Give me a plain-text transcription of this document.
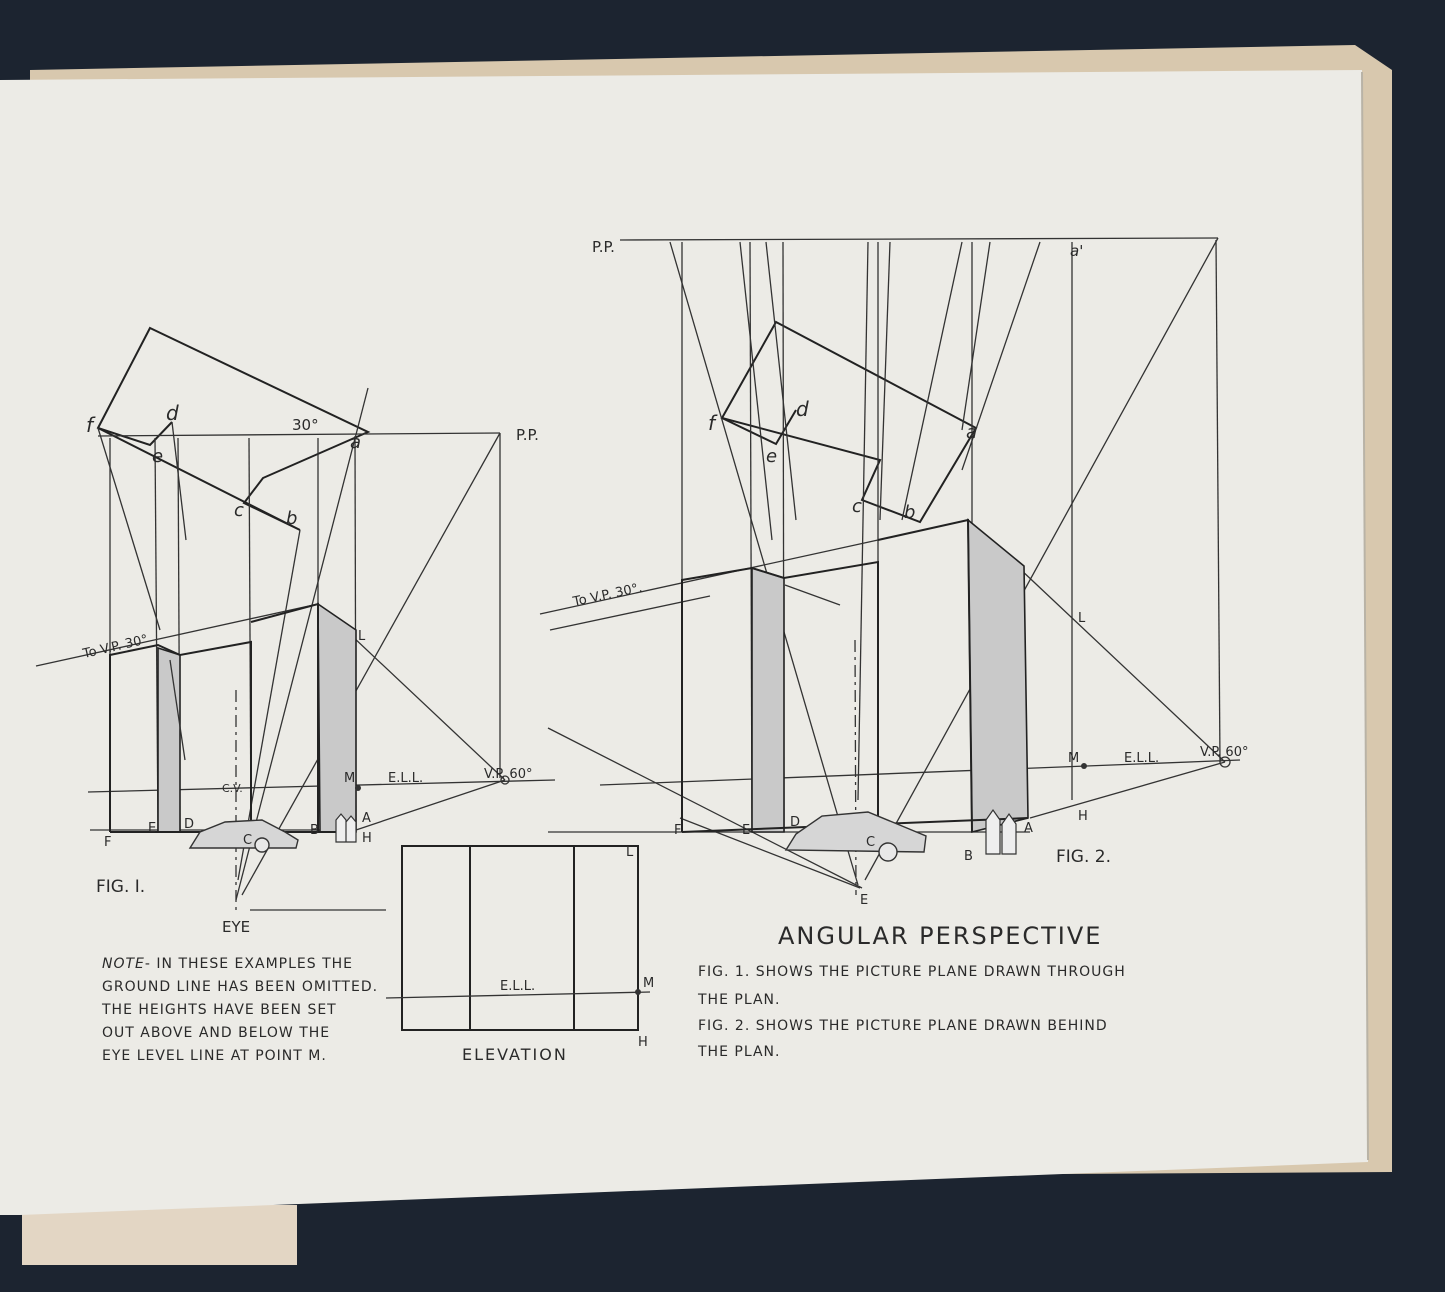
f	d
e
c b
a
30°
P.P.
To V.P. 30°
C.V.
E.L.L.	V.P. 60°
L
M
A
H
B
C
D
E
F
FIG. I.
EYE
E.L.L.
L
M
H
ELEVATION
P.P.	a'
f
d
e
c b
a
To V.P. 30°.
L
M	E.L.L.	V.P. 60°
H
A
B
C
D
E
F
E
FIG. 2.
ANGULAR PERSPECTIVE
NOTE- IN THESE EXAMPLES THE
GROUND LINE HAS BEEN OMITTED.
THE HEIGHTS HAVE BEEN SET
OUT ABOVE AND BELOW THE
EYE LEVEL LINE AT POINT M.
FIG. 1. SHOWS THE PICTURE PLANE DRAWN THROUGH
THE PLAN.
FIG. 2. SHOWS THE PICTURE PLANE DRAWN BEHIND
THE PLAN.
